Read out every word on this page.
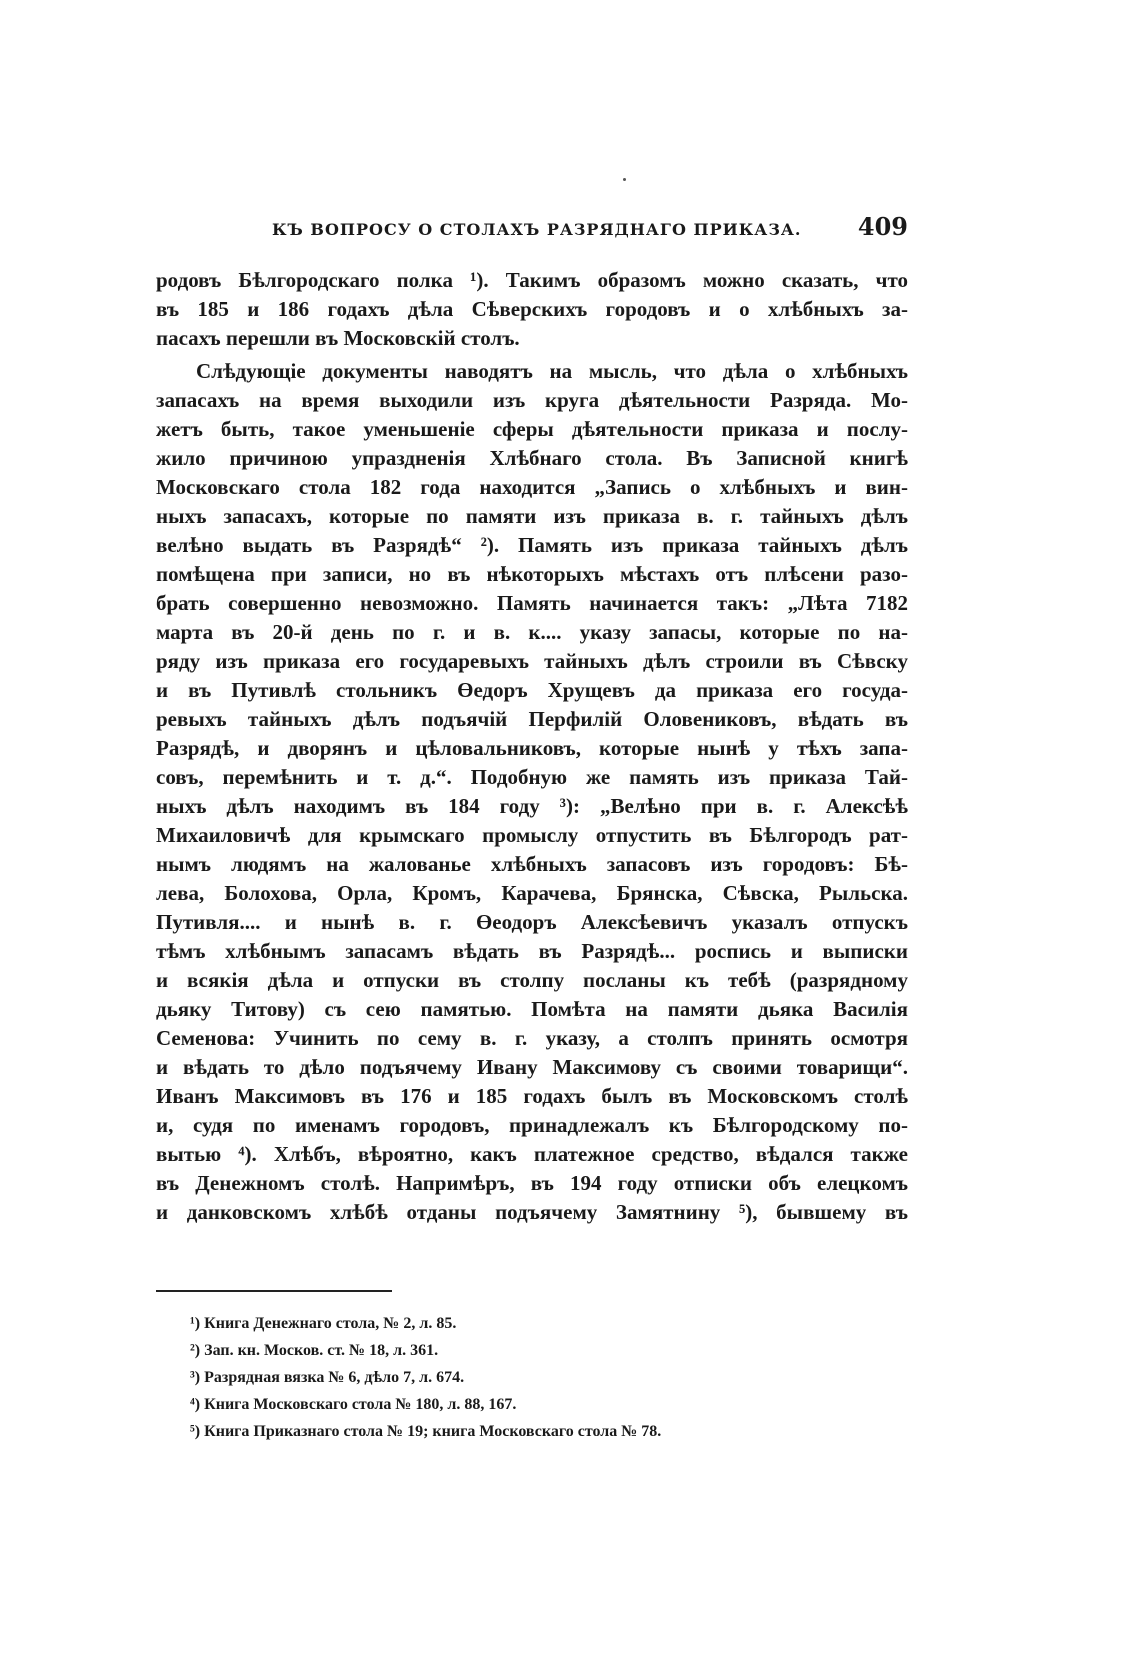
КЪ ВОПРОСУ О СТОЛАХЪ РАЗРЯДНАГО ПРИКАЗА. 409
родовъ Бѣлгородскаго полка ¹). Такимъ образомъ можно сказать, что
въ 185 и 186 годахъ дѣла Сѣверскихъ городовъ и о хлѣбныхъ за-
пасахъ перешли въ Московскій столъ.
Слѣдующіе документы наводятъ на мысль, что дѣла о хлѣбныхъ
запасахъ на время выходили изъ круга дѣятельности Разряда. Мо-
жетъ быть, такое уменьшеніе сферы дѣятельности приказа и послу-
жило причиною упраздненія Хлѣбнаго стола. Въ Записной книгѣ
Московскаго стола 182 года находится „Запись о хлѣбныхъ и вин-
ныхъ запасахъ, которые по памяти изъ приказа в. г. тайныхъ дѣлъ
велѣно выдать въ Разрядѣ“ ²). Память изъ приказа тайныхъ дѣлъ
помѣщена при записи, но въ нѣкоторыхъ мѣстахъ отъ плѣсени разо-
брать совершенно невозможно. Память начинается такъ: „Лѣта 7182
марта въ 20-й день по г. и в. к.... указу запасы, которые по на-
ряду изъ приказа его государевыхъ тайныхъ дѣлъ строили въ Сѣвску
и въ Путивлѣ стольникъ Өедоръ Хрущевъ да приказа его госуда-
ревыхъ тайныхъ дѣлъ подъячій Перфилій Оловениковъ, вѣдать въ
Разрядѣ, и дворянъ и цѣловальниковъ, которые нынѣ у тѣхъ запа-
совъ, перемѣнить и т. д.“. Подобную же память изъ приказа Тай-
ныхъ дѣлъ находимъ въ 184 году ³): „Велѣно при в. г. Алексѣѣ
Михаиловичѣ для крымскаго промыслу отпустить въ Бѣлгородъ рат-
нымъ людямъ на жалованье хлѣбныхъ запасовъ изъ городовъ: Бѣ-
лева, Болохова, Орла, Кромъ, Карачева, Брянска, Сѣвска, Рыльска.
Путивля.... и нынѣ в. г. Өеодоръ Алексѣевичъ указалъ отпускъ
тѣмъ хлѣбнымъ запасамъ вѣдать въ Разрядѣ... роспись и выписки
и всякія дѣла и отпуски въ столпу посланы къ тебѣ (разрядному
дьяку Титову) съ сею памятью. Помѣта на памяти дьяка Василія
Семенова: Учинить по сему в. г. указу, а столпъ принять осмотря
и вѣдать то дѣло подъячему Ивану Максимову съ своими товарищи“.
Иванъ Максимовъ въ 176 и 185 годахъ былъ въ Московскомъ столѣ
и, судя по именамъ городовъ, принадлежалъ къ Бѣлгородскому по-
вытью ⁴). Хлѣбъ, вѣроятно, какъ платежное средство, вѣдался также
въ Денежномъ столѣ. Напримѣръ, въ 194 году отписки объ елецкомъ
и данковскомъ хлѣбѣ отданы подъячему Замятнину ⁵), бывшему въ
¹) Книга Денежнаго стола, № 2, л. 85.
²) Зап. кн. Москов. ст. № 18, л. 361.
³) Разрядная вязка № 6, дѣло 7, л. 674.
⁴) Книга Московскаго стола № 180, л. 88, 167.
⁵) Книга Приказнаго стола № 19; книга Московскаго стола № 78.
